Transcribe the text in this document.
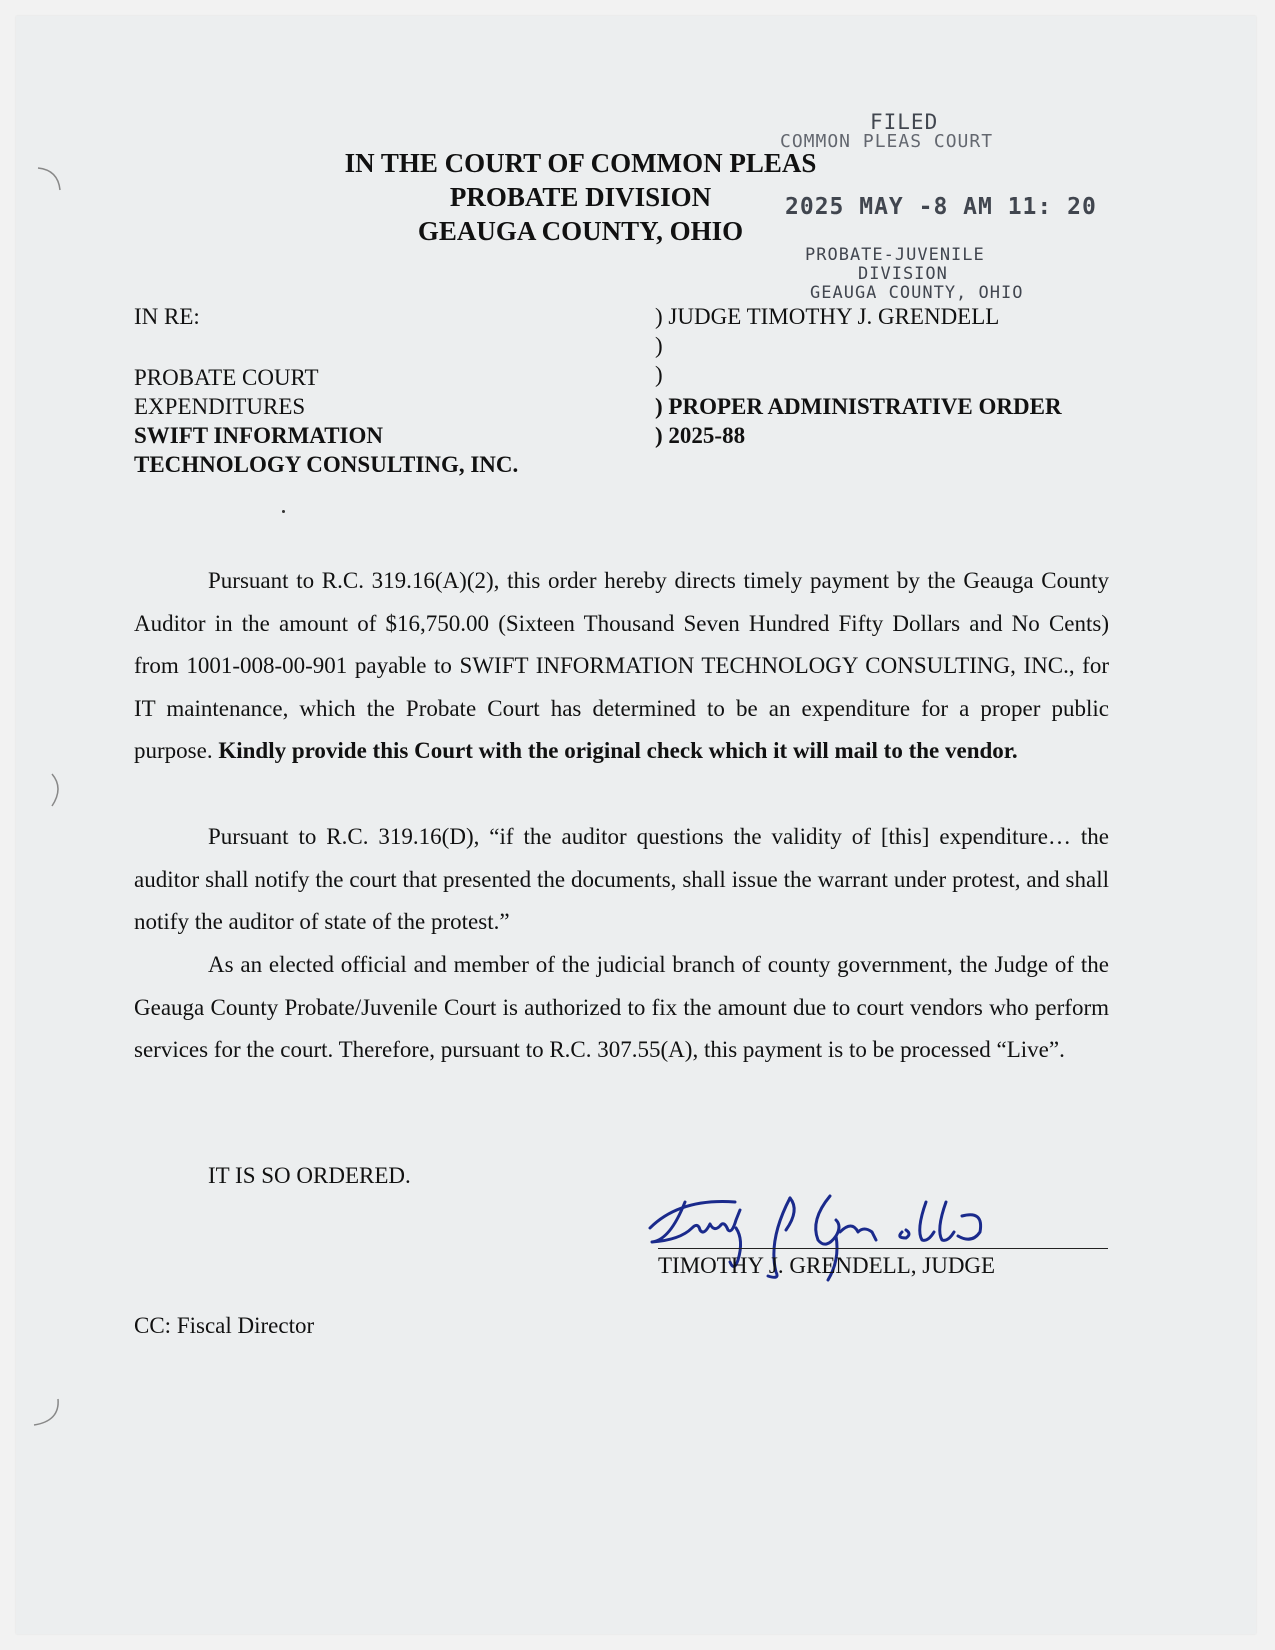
IN THE COURT OF COMMON PLEAS
PROBATE DIVISION
GEAUGA COUNTY, OHIO
FILED
COMMON PLEAS COURT
2025 MAY -8 AM 11: 20
PROBATE-JUVENILE
DIVISION
GEAUGA COUNTY, OHIO
IN RE:
PROBATE COURT
EXPENDITURES
SWIFT INFORMATION
TECHNOLOGY CONSULTING, INC.
) JUDGE TIMOTHY J. GRENDELL
)
)
) PROPER ADMINISTRATIVE ORDER
) 2025-88
Pursuant to R.C. 319.16(A)(2), this order hereby directs timely payment by the Geauga County Auditor in the amount of $16,750.00 (Sixteen Thousand Seven Hundred Fifty Dollars and No Cents) from 1001-008-00-901 payable to SWIFT INFORMATION TECHNOLOGY CONSULTING, INC., for IT maintenance, which the Probate Court has determined to be an expenditure for a proper public purpose. Kindly provide this Court with the original check which it will mail to the vendor.
Pursuant to R.C. 319.16(D), “if the auditor questions the validity of [this] expenditure… the auditor shall notify the court that presented the documents, shall issue the warrant under protest, and shall notify the auditor of state of the protest.”
As an elected official and member of the judicial branch of county government, the Judge of the Geauga County Probate/Juvenile Court is authorized to fix the amount due to court vendors who perform services for the court. Therefore, pursuant to R.C. 307.55(A), this payment is to be processed “Live”.
IT IS SO ORDERED.
TIMOTHY J. GRENDELL, JUDGE
CC: Fiscal Director
